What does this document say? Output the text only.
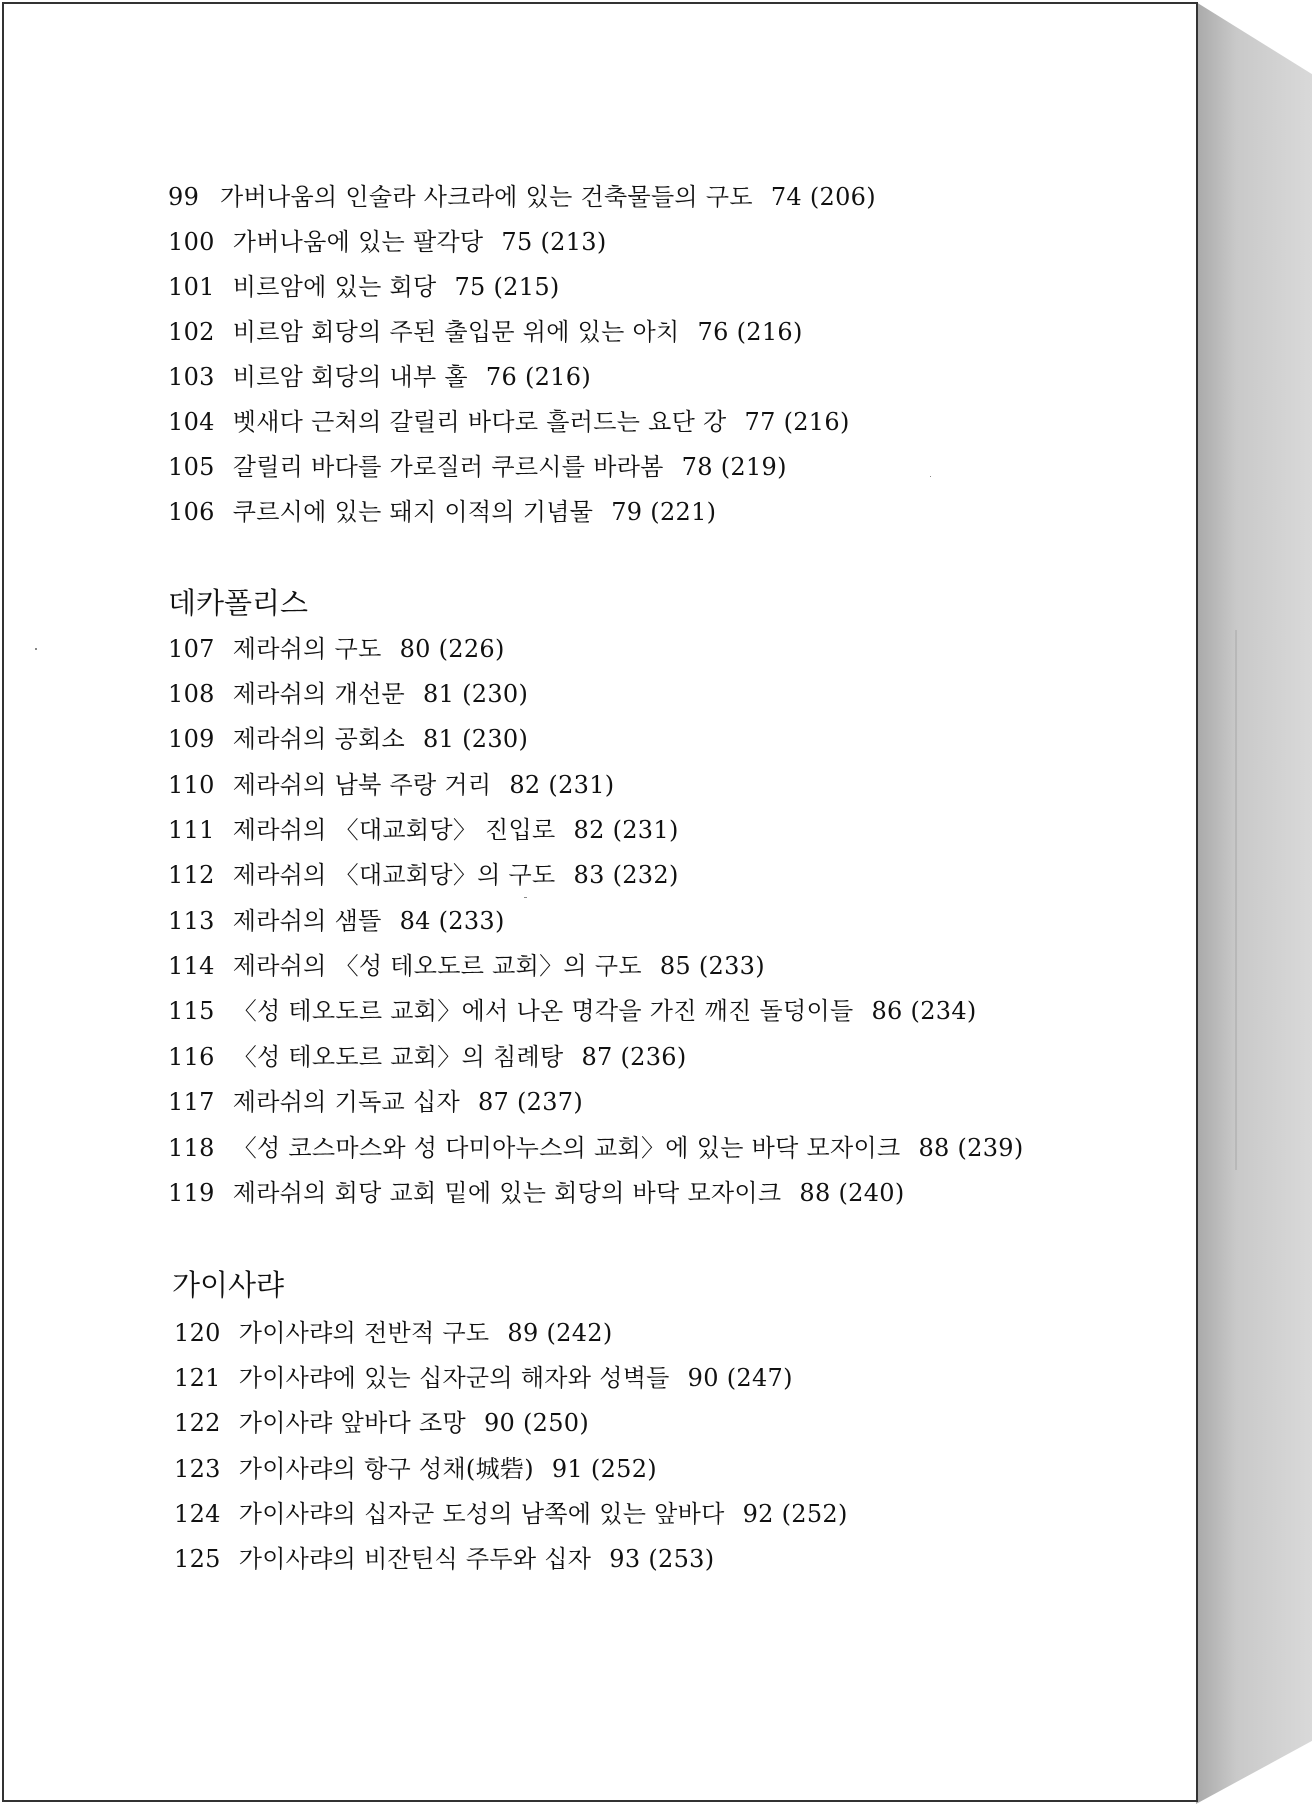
99 가버나움의 인술라 사크라에 있는 건축물들의 구도 74 (206)
100 가버나움에 있는 팔각당 75 (213)
101 비르암에 있는 회당 75 (215)
102 비르암 회당의 주된 출입문 위에 있는 아치 76 (216)
103 비르암 회당의 내부 홀 76 (216)
104 벳새다 근처의 갈릴리 바다로 흘러드는 요단 강 77 (216)
105 갈릴리 바다를 가로질러 쿠르시를 바라봄 78 (219)
106 쿠르시에 있는 돼지 이적의 기념물 79 (221)
데카폴리스
107 제라쉬의 구도 80 (226)
108 제라쉬의 개선문 81 (230)
109 제라쉬의 공회소 81 (230)
110 제라쉬의 남북 주랑 거리 82 (231)
111 제라쉬의 〈대교회당〉 진입로 82 (231)
112 제라쉬의 〈대교회당〉의 구도 83 (232)
113 제라쉬의 샘뜰 84 (233)
114 제라쉬의 〈성 테오도르 교회〉의 구도 85 (233)
115 〈성 테오도르 교회〉에서 나온 명각을 가진 깨진 돌덩이들 86 (234)
116 〈성 테오도르 교회〉의 침례탕 87 (236)
117 제라쉬의 기독교 십자 87 (237)
118 〈성 코스마스와 성 다미아누스의 교회〉에 있는 바닥 모자이크 88 (239)
119 제라쉬의 회당 교회 밑에 있는 회당의 바닥 모자이크 88 (240)
가이사랴
120 가이사랴의 전반적 구도 89 (242)
121 가이사랴에 있는 십자군의 해자와 성벽들 90 (247)
122 가이사랴 앞바다 조망 90 (250)
123 가이사랴의 항구 성채(城砦) 91 (252)
124 가이사랴의 십자군 도성의 남쪽에 있는 앞바다 92 (252)
125 가이사랴의 비잔틴식 주두와 십자 93 (253)
